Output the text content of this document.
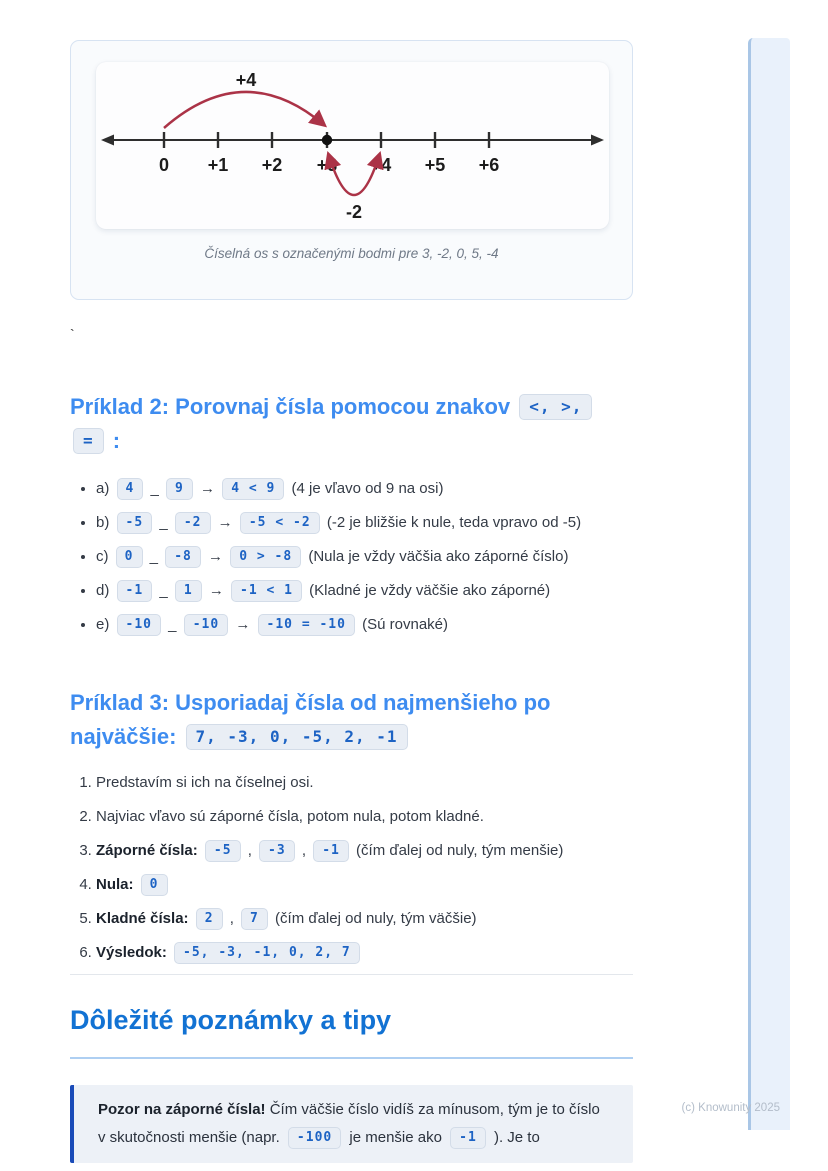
0 +1 +2 +3 +4 +5 +6
+4
-2
Číselná os s označenými bodmi pre 3, -2, 0, 5, -4
`
Príklad 2: Porovnaj čísla pomocou znakov <, >, = :
• a) 4 _ 9 → 4 < 9 (4 je vľavo od 9 na osi)
• b) -5 _ -2 → -5 < -2 (-2 je bližšie k nule, teda vpravo od -5)
• c) 0 _ -8 → 0 > -8 (Nula je vždy väčšia ako záporné číslo)
• d) -1 _ 1 → -1 < 1 (Kladné je vždy väčšie ako záporné)
• e) -10 _ -10 → -10 = -10 (Sú rovnaké)
Príklad 3: Usporiadaj čísla od najmenšieho po najväčšie: 7, -3, 0, -5, 2, -1
1. Predstavím si ich na číselnej osi.
2. Najviac vľavo sú záporné čísla, potom nula, potom kladné.
3. Záporné čísla: -5 , -3 , -1 (čím ďalej od nuly, tým menšie)
4. Nula: 0
5. Kladné čísla: 2 , 7 (čím ďalej od nuly, tým väčšie)
6. Výsledok: -5, -3, -1, 0, 2, 7
Dôležité poznámky a tipy
Pozor na záporné čísla! Čím väčšie číslo vidíš za mínusom, tým je to číslo v skutočnosti menšie (napr. -100 je menšie ako -1 ). Je to
(c) Knowunity 2025
